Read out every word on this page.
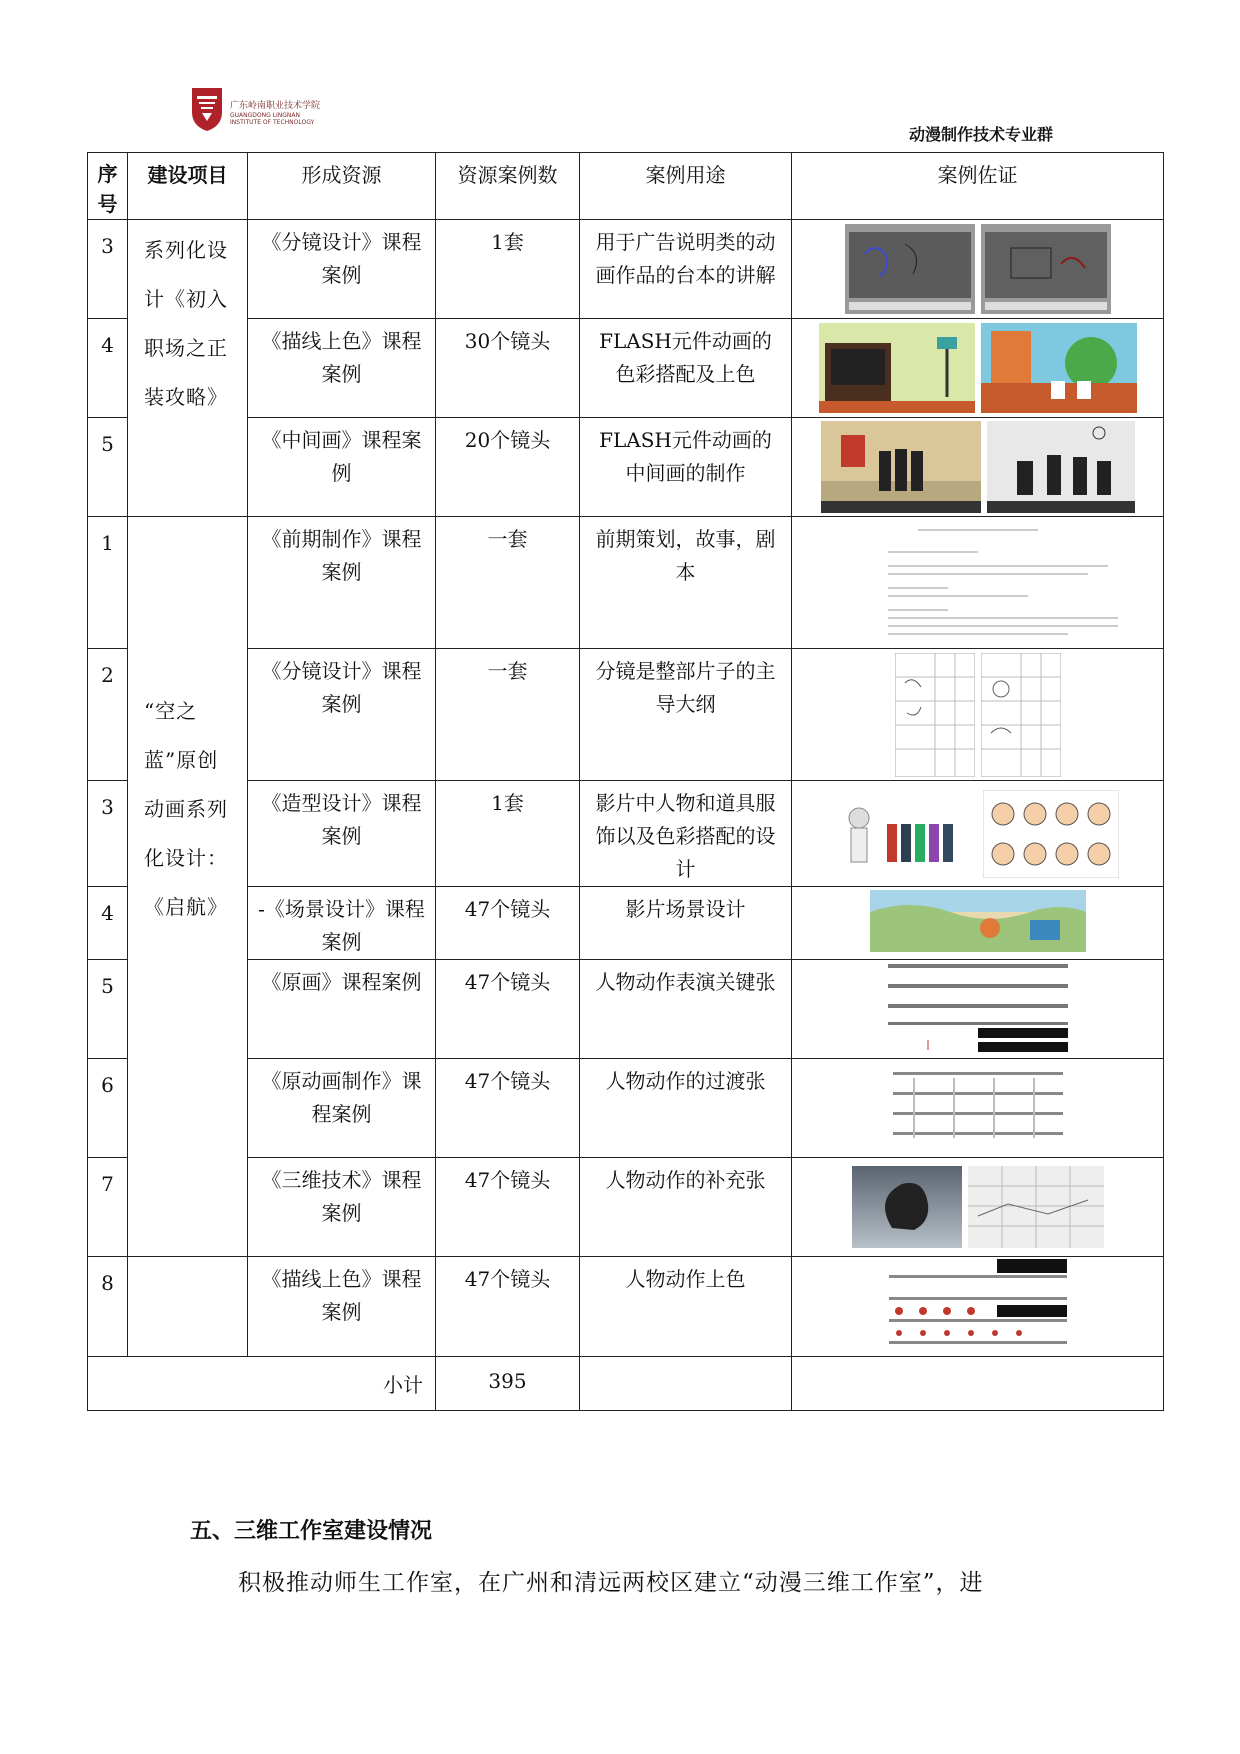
广东岭南职业技术学院
GUANGDONG LINGNAN INSTITUTE OF TECHNOLOGY
动漫制作技术专业群
序号	建设项目	形成资源	资源案例数	案例用途	案例佐证
3	系列化设计《初入职场之正装攻略》	《分镜设计》课程案例	1套	用于广告说明类的动画作品的台本的讲解	

4		《描线上色》课程案例	30个镜头	FLASH元件动画的色彩搭配及上色	

5		《中间画》课程案例	20个镜头	FLASH元件动画的中间画的制作	

1	“空之蓝”原创动画系列化设计：《启航》	《前期制作》课程案例	一套	前期策划，故事，剧本	
2		《分镜设计》课程案例	一套	分镜是整部片子的主导大纲	

3		《造型设计》课程案例	1套	影片中人物和道具服饰以及色彩搭配的设计	

4		-《场景设计》课程案例	47个镜头	影片场景设计	
5		《原画》课程案例	47个镜头	人物动作表演关键张	
6		《原动画制作》课程案例	47个镜头	人物动作的过渡张	
7		《三维技术》课程案例	47个镜头	人物动作的补充张	

8		《描线上色》课程案例	47个镜头	人物动作上色	
小计			395		
五、三维工作室建设情况
积极推动师生工作室，在广州和清远两校区建立“动漫三维工作室”，进
